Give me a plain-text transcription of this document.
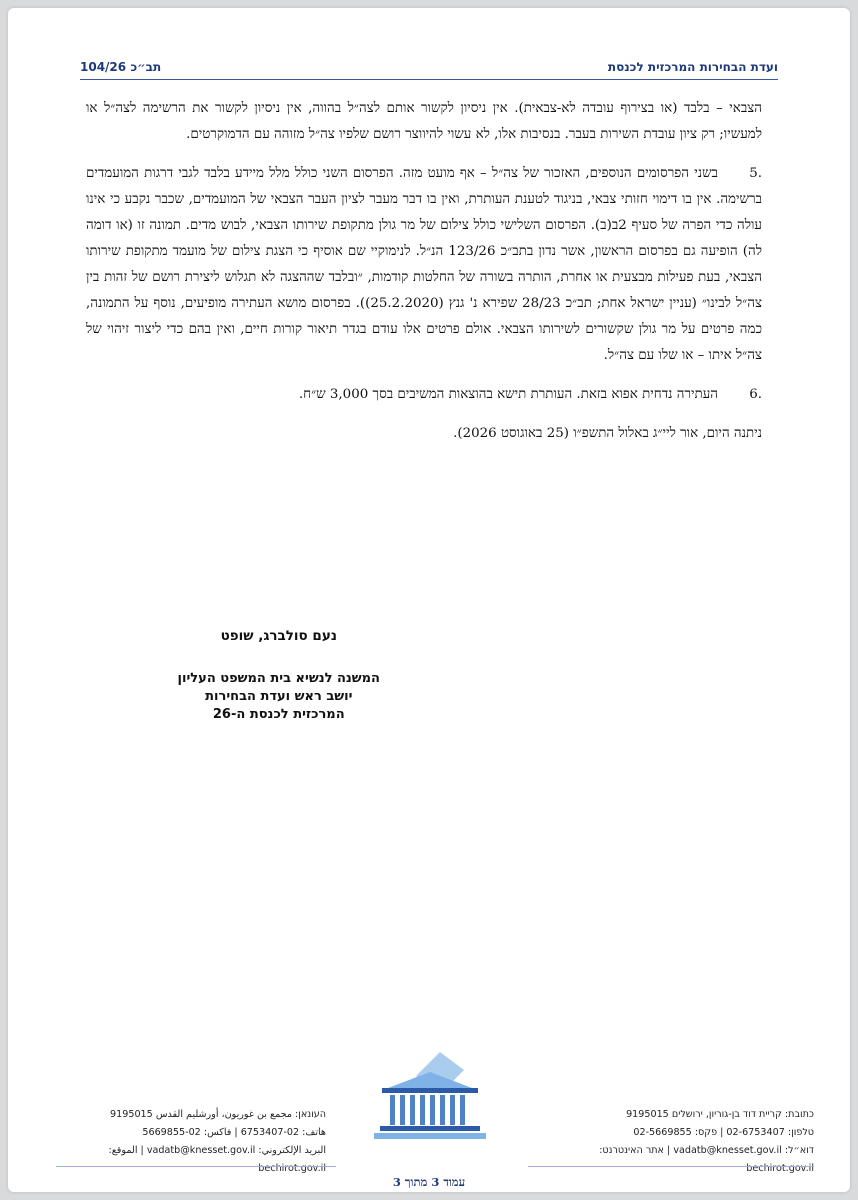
ועדת הבחירות המרכזית לכנסת
תב״כ 104/26

הצבאי – בלבד (או בצירוף עובדה לא-צבאית). אין ניסיון לקשור אותם לצה״ל בהווה, אין ניסיון לקשור את הרשימה לצה״ל או למעשיו; רק ציון עובדת השירות בעבר. בנסיבות אלו, לא עשוי להיווצר רושם שלפיו צה״ל מזוהה עם הדמוקרטים.

.5בשני הפרסומים הנוספים, האזכור של צה״ל – אף מועט מזה. הפרסום השני כולל מלל מיידע בלבד לגבי דרגות המועמדים ברשימה. אין בו דימוי חזותי צבאי, בניגוד לטענת העותרת, ואין בו דבר מעבר לציון העבר הצבאי של המועמדים, שכבר נקבע כי אינו עולה כדי הפרה של סעיף 2ב(ב). הפרסום השלישי כולל צילום של מר גולן מתקופת שירותו הצבאי, לבוש מדים. תמונה זו (או דומה לה) הופיעה גם בפרסום הראשון, אשר נדון בתב״כ 123/26 הנ״ל. לנימוקיי שם אוסיף כי הצגת צילום של מועמד מתקופת שירותו הצבאי, בעת פעילות מבצעית או אחרת, הותרה בשורה של החלטות קודמות, ״ובלבד שההצגה לא תגלוש ליצירת רושם של זהות בין צה״ל לבינו״ (עניין ישראל אחת; תב״כ 28/23 שפירא נ' גנץ (25.2.2020)). בפרסום מושא העתירה מופיעים, נוסף על התמונה, כמה פרטים על מר גולן שקשורים לשירותו הצבאי. אולם פרטים אלו עודם בגדר תיאור קורות חיים, ואין בהם כדי ליצור זיהוי של צה״ל איתו – או שלו עם צה״ל.

.6העתירה נדחית אפוא בזאת. העותרת תישא בהוצאות המשיבים בסך 3,000 ש״ח.

ניתנה היום, אור ליי״ג באלול התשפ״ו (25 באוגוסט 2026).

נעם סולברג, שופט
המשנה לנשיא בית המשפט העליון
יושב ראש ועדת הבחירות
המרכזית לכנסת ה-26
כתובת: קריית דוד בן-גוריון, ירושלים 9195015
טלפון: 02-6753407 | פקס: 02-5669855
דוא״ל: vadatb@knesset.gov.il | אתר האינטרנט: bechirot.gov.il
העונאן: مجمع بن غوريون، أورشليم القدس 9195015
هاتف: 02-6753407 | فاكس: 02-5669855
البريد الإلكتروني: vadatb@knesset.gov.il | الموقع: bechirot.gov.il
עמוד 3 מתוך 3
